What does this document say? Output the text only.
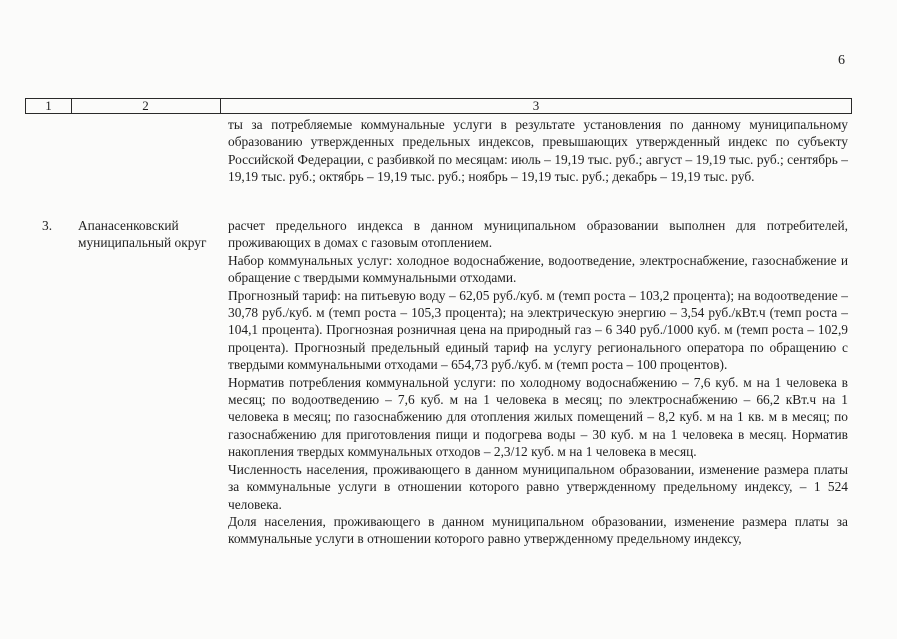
6
1	2	3
ты за потребляемые коммунальные услуги в результате установления по данному муниципальному образованию утвержденных предельных индексов, превышающих утвержденный индекс по субъекту Российской Федерации, с разбивкой по месяцам: июль – 19,19 тыс. руб.; август – 19,19 тыс. руб.; сентябрь – 19,19 тыс. руб.; октябрь – 19,19 тыс. руб.; ноябрь – 19,19 тыс. руб.; декабрь – 19,19 тыс. руб.
3. Апанасенковский муниципальный округ

расчет предельного индекса в данном муниципальном образовании выполнен для потребителей, проживающих в домах с газовым отоплением.

Набор коммунальных услуг: холодное водоснабжение, водоотведение, электроснабжение, газоснабжение и обращение с твердыми коммунальными отходами.

Прогнозный тариф: на питьевую воду – 62,05 руб./куб. м (темп роста – 103,2 процента); на водоотведение – 30,78 руб./куб. м (темп роста – 105,3 процента); на электрическую энергию – 3,54 руб./кВт.ч (темп роста – 104,1 процента). Прогнозная розничная цена на природный газ – 6 340 руб./1000 куб. м (темп роста – 102,9 процента). Прогнозный предельный единый тариф на услугу регионального оператора по обращению с твердыми коммунальными отходами – 654,73 руб./куб. м (темп роста – 100 процентов).

Норматив потребления коммунальной услуги: по холодному водоснабжению – 7,6 куб. м на 1 человека в месяц; по водоотведению – 7,6 куб. м на 1 человека в месяц; по электроснабжению – 66,2 кВт.ч на 1 человека в месяц; по газоснабжению для отопления жилых помещений – 8,2 куб. м на 1 кв. м в месяц; по газоснабжению для приготовления пищи и подогрева воды – 30 куб. м на 1 человека в месяц. Норматив накопления твердых коммунальных отходов – 2,3/12 куб. м на 1 человека в месяц.

Численность населения, проживающего в данном муниципальном образовании, изменение размера платы за коммунальные услуги в отношении которого равно утвержденному предельному индексу, – 1 524 человека.

Доля населения, проживающего в данном муниципальном образовании, изменение размера платы за коммунальные услуги в отношении которого равно утвержденному предельному индексу,
